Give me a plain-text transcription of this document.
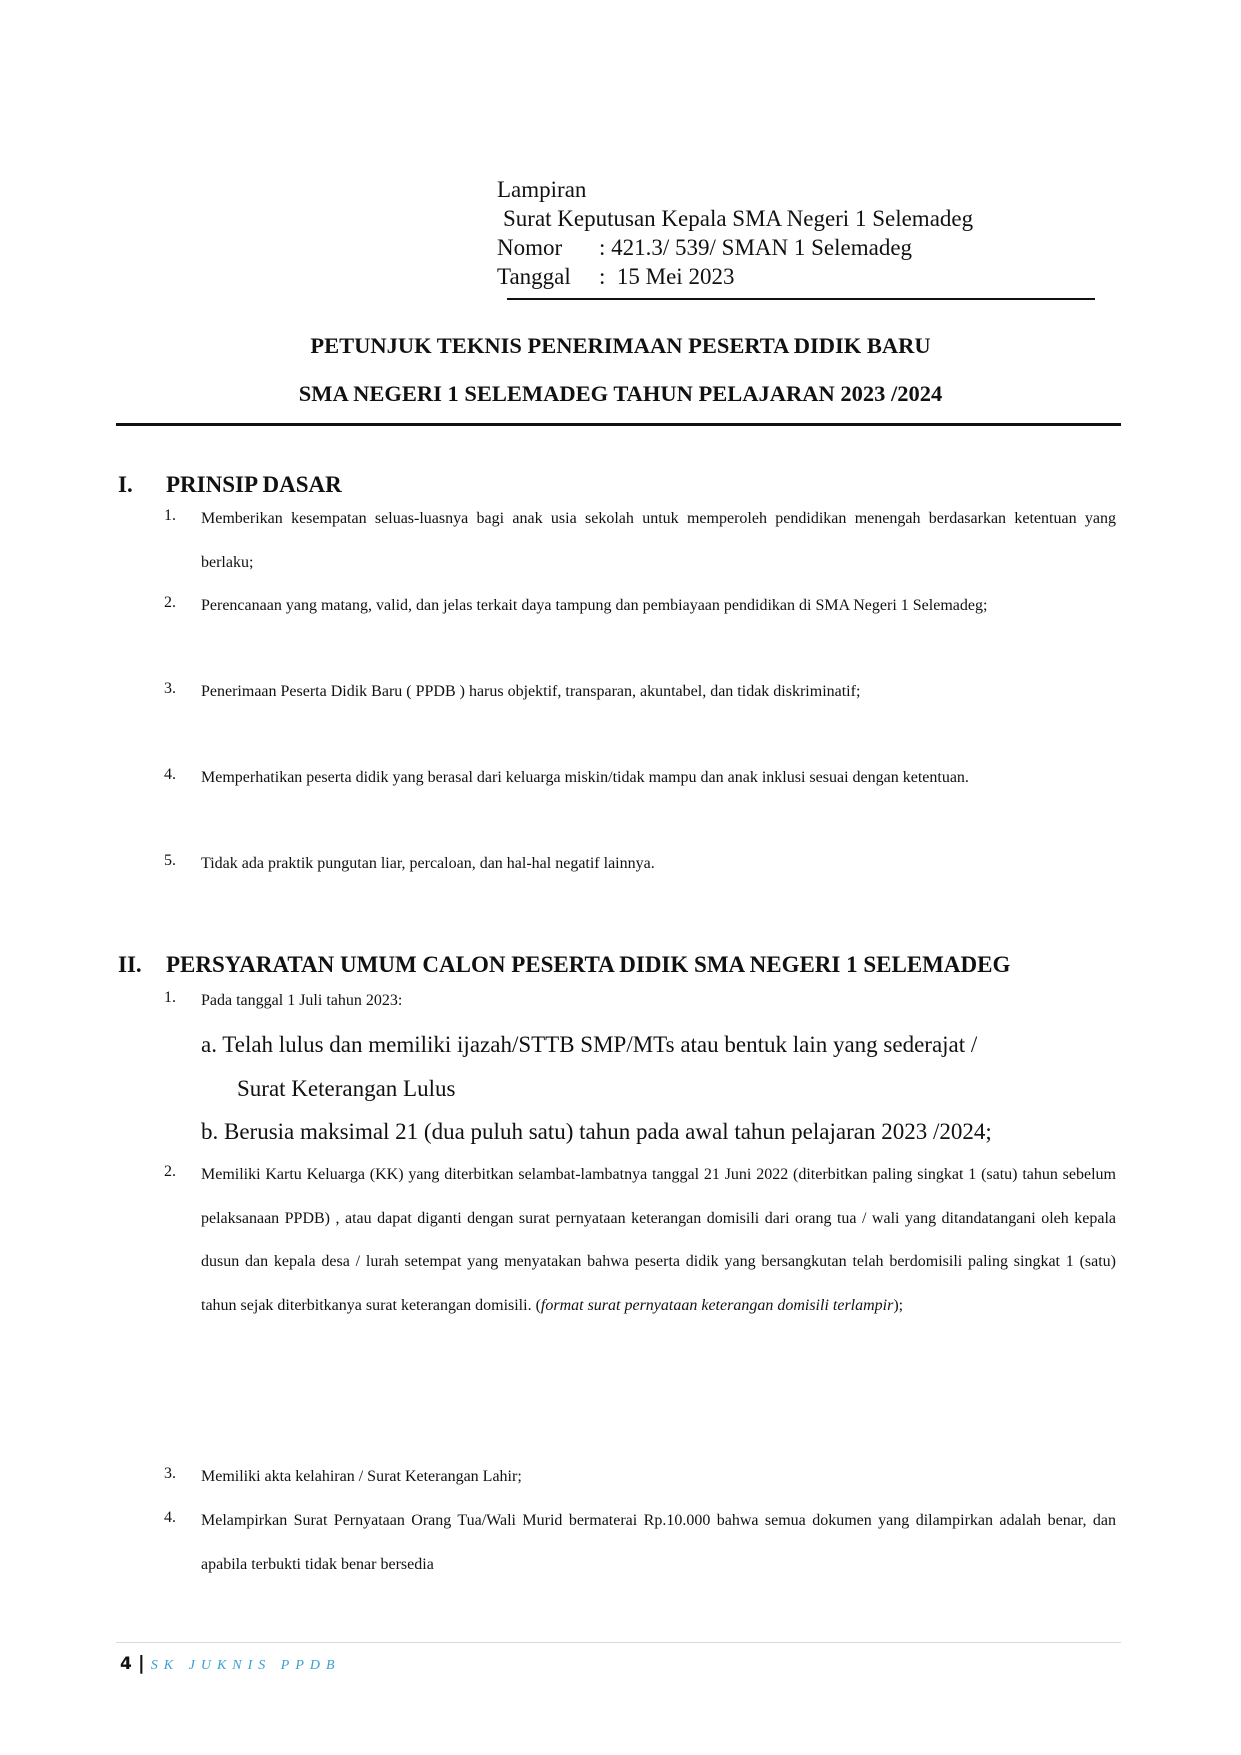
Lampiran
Surat Keputusan Kepala SMA Negeri 1 Selemadeg
Nomor : 421.3/ 539/ SMAN 1 Selemadeg
Tanggal :  15 Mei 2023
PETUNJUK TEKNIS PENERIMAAN PESERTA DIDIK BARU
SMA NEGERI 1 SELEMADEG TAHUN PELAJARAN 2023 /2024
I. PRINSIP DASAR
1. Memberikan kesempatan seluas-luasnya bagi anak usia sekolah untuk memperoleh pendidikan menengah berdasarkan ketentuan yang berlaku;
2. Perencanaan yang matang, valid, dan jelas terkait daya tampung dan pembiayaan pendidikan di SMA Negeri 1 Selemadeg;
3. Penerimaan Peserta Didik Baru ( PPDB ) harus objektif, transparan, akuntabel, dan tidak diskriminatif;
4. Memperhatikan peserta didik yang berasal dari keluarga miskin/tidak mampu dan anak inklusi sesuai dengan ketentuan.
5. Tidak ada praktik pungutan liar, percaloan, dan hal-hal negatif lainnya.
II. PERSYARATAN UMUM CALON PESERTA DIDIK SMA NEGERI 1 SELEMADEG
1. Pada tanggal 1 Juli tahun 2023:
a. Telah lulus dan memiliki ijazah/STTB SMP/MTs atau bentuk lain yang sederajat /
Surat Keterangan Lulus
b. Berusia maksimal 21 (dua puluh satu) tahun pada awal tahun pelajaran 2023 /2024;
2. Memiliki Kartu Keluarga (KK) yang diterbitkan selambat-lambatnya tanggal 21 Juni 2022 (diterbitkan paling singkat 1 (satu) tahun sebelum pelaksanaan PPDB) , atau dapat diganti dengan surat pernyataan keterangan domisili dari orang tua / wali yang ditandatangani oleh kepala dusun dan kepala desa / lurah setempat yang menyatakan bahwa peserta didik yang bersangkutan telah berdomisili paling singkat 1 (satu) tahun sejak diterbitkanya surat keterangan domisili. (format surat pernyataan keterangan domisili terlampir);
3. Memiliki akta kelahiran / Surat Keterangan Lahir;
4. Melampirkan Surat Pernyataan Orang Tua/Wali Murid bermaterai Rp.10.000 bahwa semua dokumen yang dilampirkan adalah benar, dan apabila terbukti tidak benar bersedia
4 | SK JUKNIS PPDB
